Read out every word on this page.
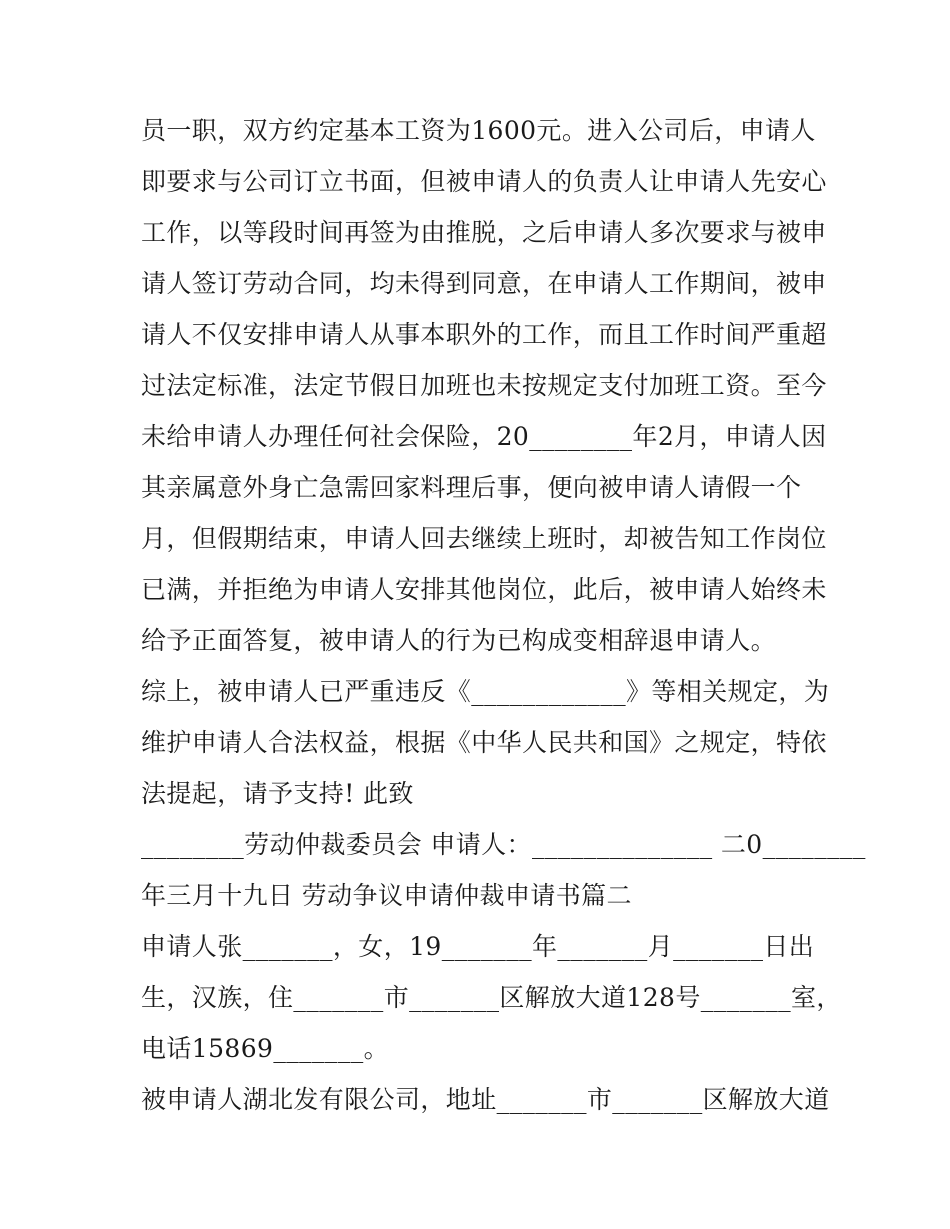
员一职，双方约定基本工资为1600元。进入公司后，申请人
即要求与公司订立书面，但被申请人的负责人让申请人先安心
工作，以等段时间再签为由推脱，之后申请人多次要求与被申
请人签订劳动合同，均未得到同意，在申请人工作期间，被申
请人不仅安排申请人从事本职外的工作，而且工作时间严重超
过法定标准，法定节假日加班也未按规定支付加班工资。至今
未给申请人办理任何社会保险，20________年2月，申请人因
其亲属意外身亡急需回家料理后事，便向被申请人请假一个
月，但假期结束，申请人回去继续上班时，却被告知工作岗位
已满，并拒绝为申请人安排其他岗位，此后，被申请人始终未
给予正面答复，被申请人的行为已构成变相辞退申请人。
综上，被申请人已严重违反《____________》等相关规定，为
维护申请人合法权益，根据《中华人民共和国》之规定，特依
法提起，请予支持! 此致
________劳动仲裁委员会 申请人：______________ 二0________
年三月十九日 劳动争议申请仲裁申请书篇二
申请人张_______，女，19_______年_______月_______日出
生，汉族，住_______市_______区解放大道128号_______室，
电话15869_______。
被申请人湖北发有限公司，地址_______市_______区解放大道
